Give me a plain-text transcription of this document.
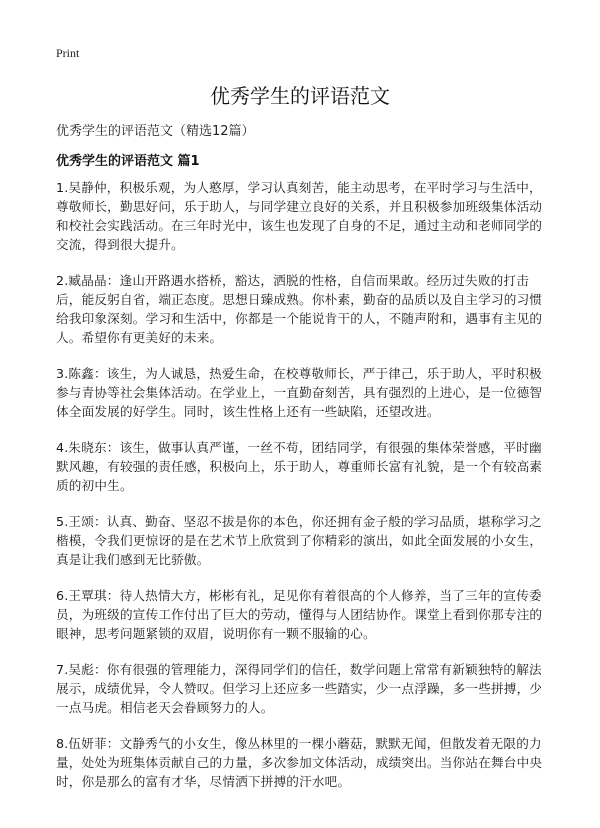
Print
优秀学生的评语范文

优秀学生的评语范文（精选12篇）

优秀学生的评语范文 篇1

1.吴静仲，积极乐观，为人憨厚，学习认真刻苦，能主动思考，在平时学习与生活中，尊敬师长，勤思好问，乐于助人，与同学建立良好的关系，并且积极参加班级集体活动和校社会实践活动。在三年时光中，该生也发现了自身的不足，通过主动和老师同学的交流，得到很大提升。

2.臧晶晶：逢山开路遇水搭桥，豁达，洒脱的性格，自信而果敢。经历过失败的打击后，能反躬自省，端正态度。思想日臻成熟。你朴素，勤奋的品质以及自主学习的习惯给我印象深刻。学习和生活中，你都是一个能说肯干的人，不随声附和，遇事有主见的人。希望你有更美好的未来。

3.陈鑫：该生，为人诚恳，热爱生命，在校尊敬师长，严于律己，乐于助人，平时积极参与青协等社会集体活动。在学业上，一直勤奋刻苦，具有强烈的上进心，是一位德智体全面发展的好学生。同时，该生性格上还有一些缺陷，还望改进。

4.朱晓东：该生，做事认真严谨，一丝不苟，团结同学，有很强的集体荣誉感，平时幽默风趣，有较强的责任感，积极向上，乐于助人，尊重师长富有礼貌，是一个有较高素质的初中生。

5.王颂：认真、勤奋、坚忍不拔是你的本色，你还拥有金子般的学习品质，堪称学习之楷模，令我们更惊讶的是在艺术节上欣赏到了你精彩的演出，如此全面发展的小女生，真是让我们感到无比骄傲。

6.王覃琪：待人热情大方，彬彬有礼，足见你有着很高的个人修养，当了三年的宣传委员，为班级的宣传工作付出了巨大的劳动，懂得与人团结协作。课堂上看到你那专注的眼神，思考问题紧锁的双眉，说明你有一颗不服输的心。

7.吴彪：你有很强的管理能力，深得同学们的信任，数学问题上常常有新颖独特的解法展示，成绩优异，令人赞叹。但学习上还应多一些踏实，少一点浮躁，多一些拼搏，少一点马虎。相信老天会眷顾努力的人。

8.伍妍菲：文静秀气的小女生，像丛林里的一棵小蘑菇，默默无闻，但散发着无限的力量，处处为班集体贡献自己的力量，多次参加文体活动，成绩突出。当你站在舞台中央时，你是那么的富有才华，尽情洒下拼搏的汗水吧。
